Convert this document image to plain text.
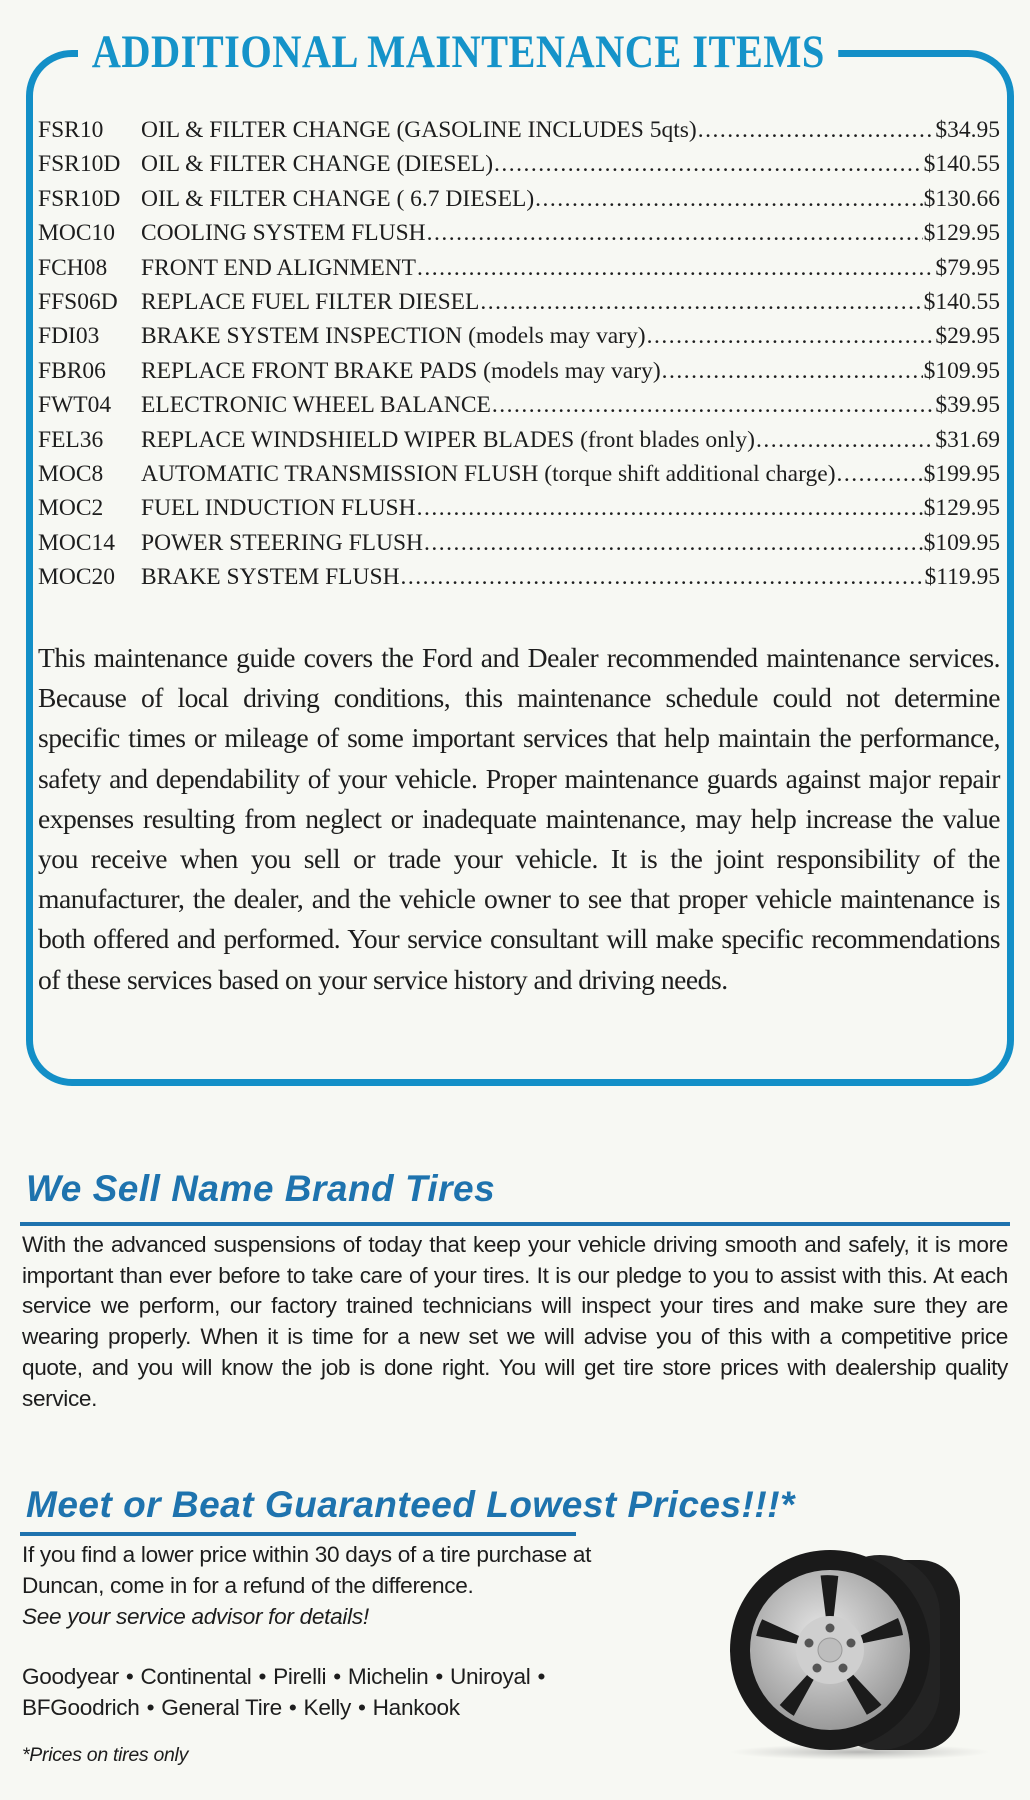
ADDITIONAL MAINTENANCE ITEMS
FSR10	OIL & FILTER CHANGE (GASOLINE INCLUDES 5qts) .....	$34.95
FSR10D OIL & FILTER CHANGE (DIESEL) .....	$140.55
FSR10D OIL & FILTER CHANGE ( 6.7 DIESEL) .....	$130.66
MOC10	COOLING SYSTEM FLUSH .....	$129.95
FCH08	FRONT END ALIGNMENT .....	$79.95
FFS06D REPLACE FUEL FILTER DIESEL .....	$140.55
FDI03	BRAKE SYSTEM INSPECTION (models may vary) .....	$29.95
FBR06	REPLACE FRONT BRAKE PADS (models may vary) .....	$109.95
FWT04	ELECTRONIC WHEEL BALANCE .....	$39.95
FEL36	REPLACE WINDSHIELD WIPER BLADES (front blades only) .....	$31.69
MOC8	AUTOMATIC TRANSMISSION FLUSH (torque shift additional charge) .....	$199.95
MOC2	FUEL INDUCTION FLUSH .....	$129.95
MOC14	POWER STEERING FLUSH .....	$109.95
MOC20	BRAKE SYSTEM FLUSH .....	$119.95

This maintenance guide covers the Ford and Dealer recommended maintenance services. Because of local driving conditions, this maintenance schedule could not determine specific times or mileage of some important services that help maintain the performance, safety and dependability of your vehicle. Proper maintenance guards against major repair expenses resulting from neglect or inadequate maintenance, may help increase the value you receive when you sell or trade your vehicle. It is the joint responsibility of the manufacturer, the dealer, and the vehicle owner to see that proper vehicle maintenance is both offered and performed. Your service consultant will make specific recommendations of these services based on your service history and driving needs.

We Sell Name Brand Tires

With the advanced suspensions of today that keep your vehicle driving smooth and safely, it is more important than ever before to take care of your tires. It is our pledge to you to assist with this. At each service we perform, our factory trained technicians will inspect your tires and make sure they are wearing properly. When it is time for a new set we will advise you of this with a competitive price quote, and you will know the job is done right. You will get tire store prices with dealership quality service.

Meet or Beat Guaranteed Lowest Prices!!!*
If you find a lower price within 30 days of a tire purchase at
Duncan, come in for a refund of the difference.
See your service advisor for details!
Goodyear • Continental • Pirelli • Michelin • Uniroyal •
BFGoodrich • General Tire • Kelly • Hankook
*Prices on tires only
